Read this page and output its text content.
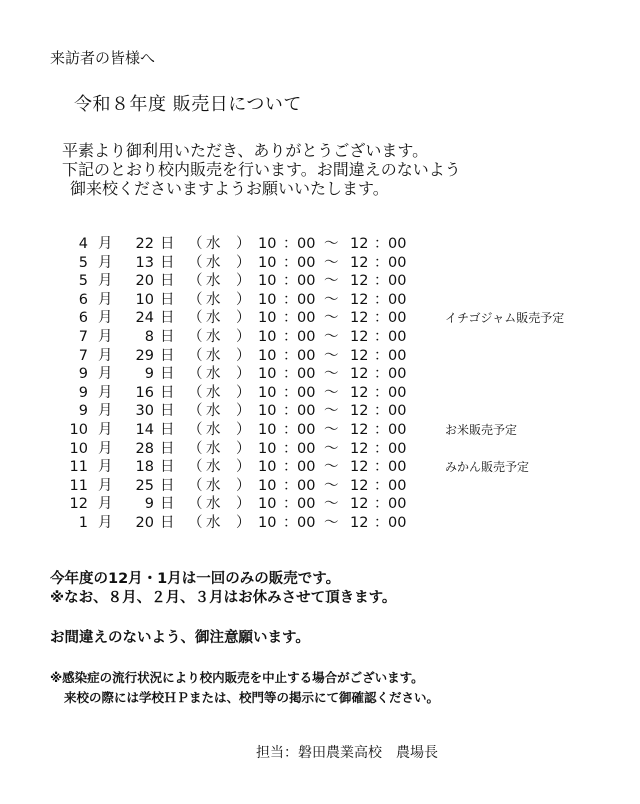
来訪者の皆様へ
令和８年度 販売日について
平素より御利用いただき、ありがとうございます。
下記のとおり校内販売を行います。お間違えのないよう
御来校くださいますようお願いいたします。
4 月	22 日 （ 水 ） 10 ： 00 ～ 12 ： 00
5 月	13 日 （ 水 ） 10 ： 00 ～ 12 ： 00
5 月	20 日 （ 水 ） 10 ： 00 ～ 12 ： 00
6 月	10 日 （ 水 ） 10 ： 00 ～ 12 ： 00
6 月	24 日 （ 水 ） 10 ： 00 ～ 12 ： 00	イチゴジャム販売予定
7 月	8 日 （ 水 ） 10 ： 00 ～ 12 ： 00
7 月	29 日 （ 水 ） 10 ： 00 ～ 12 ： 00
9 月	9 日 （ 水 ） 10 ： 00 ～ 12 ： 00
9 月	16 日 （ 水 ） 10 ： 00 ～ 12 ： 00
9 月	30 日 （ 水 ） 10 ： 00 ～ 12 ： 00
10 月	14 日 （ 水 ） 10 ： 00 ～ 12 ： 00	お米販売予定
10 月	28 日 （ 水 ） 10 ： 00 ～ 12 ： 00
11 月	18 日 （ 水 ） 10 ： 00 ～ 12 ： 00	みかん販売予定
11 月	25 日 （ 水 ） 10 ： 00 ～ 12 ： 00
12 月	9 日 （ 水 ） 10 ： 00 ～ 12 ： 00
1 月	20 日 （ 水 ） 10 ： 00 ～ 12 ： 00
今年度の12月・1月は一回のみの販売です。
※なお、８月、２月、３月はお休みさせて頂きます。
お間違えのないよう、御注意願います。
※感染症の流行状況により校内販売を中止する場合がございます。
来校の際には学校ＨＰまたは、校門等の掲示にて御確認ください。
担当：磐田農業高校　農場長
